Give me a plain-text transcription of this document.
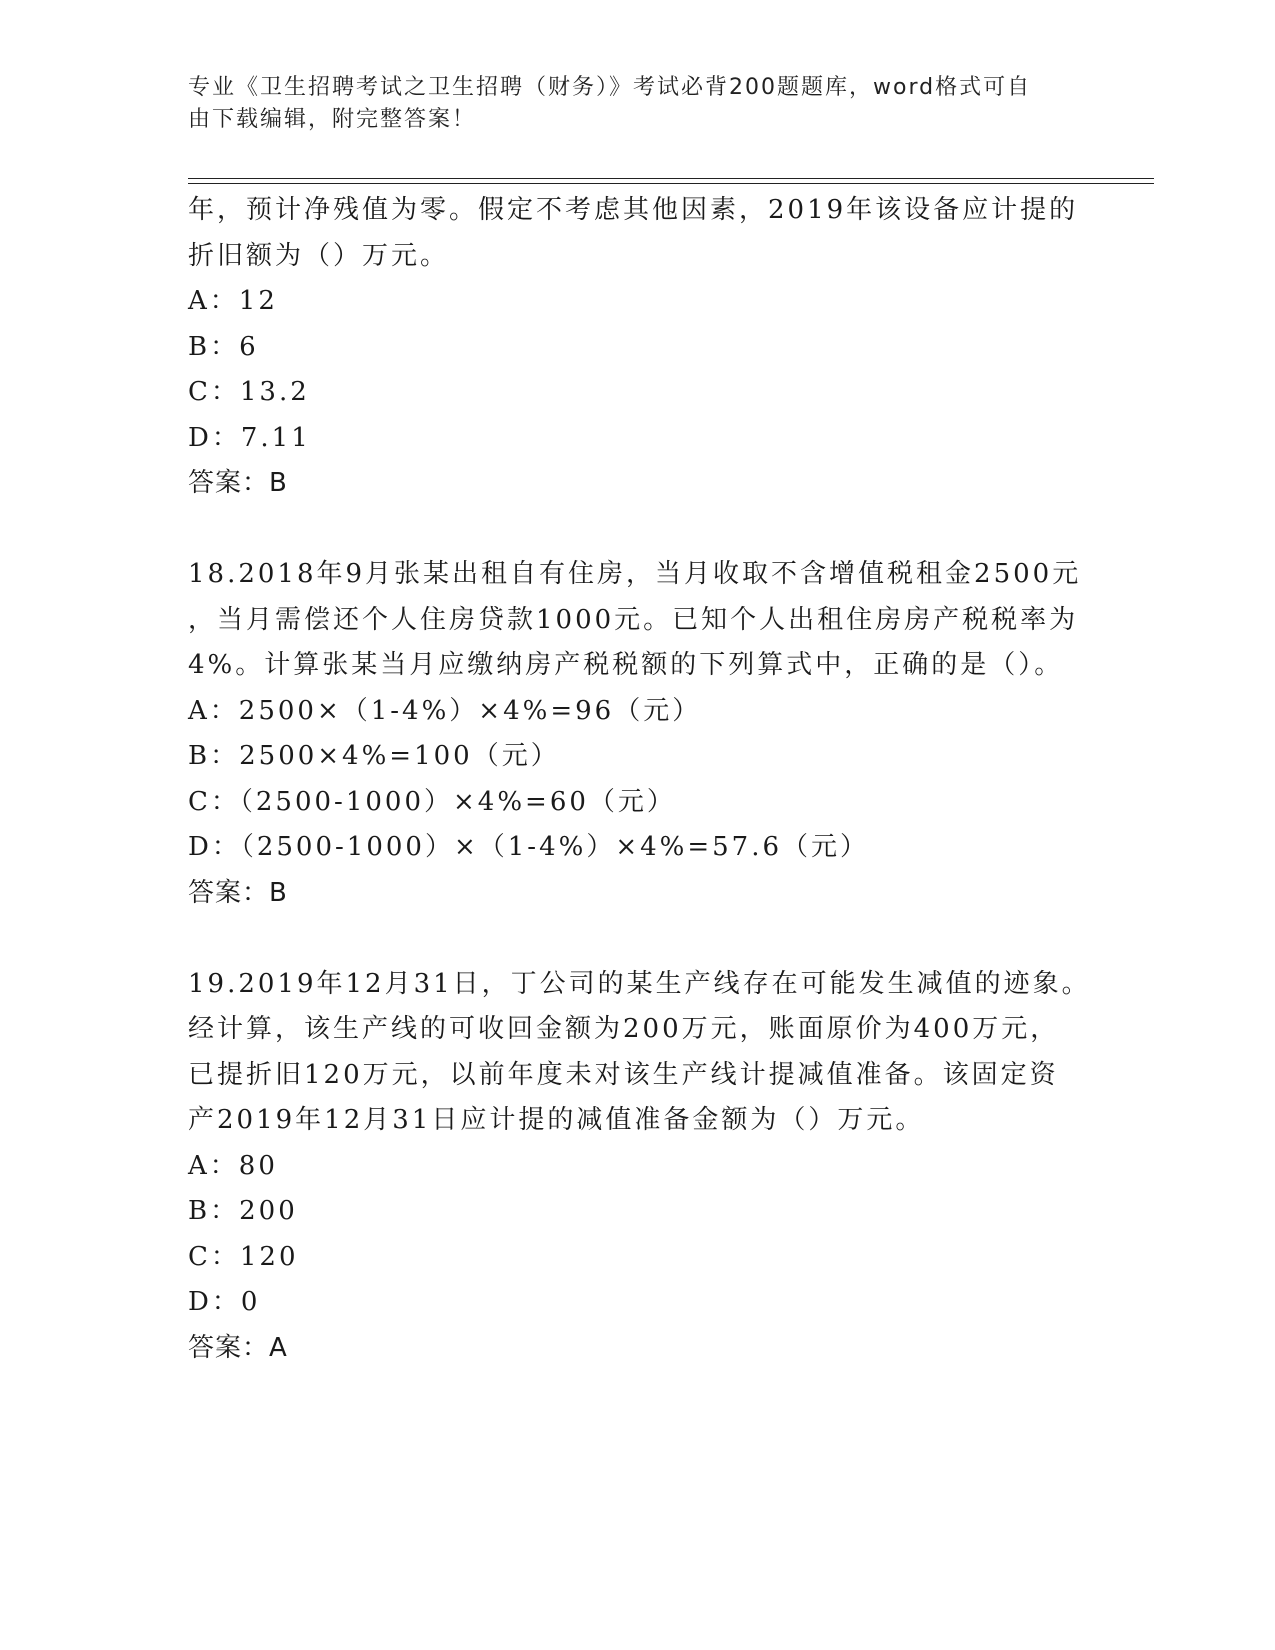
专业《卫生招聘考试之卫生招聘（财务）》考试必背200题题库，word格式可自
由下载编辑，附完整答案！
年，预计净残值为零。假定不考虑其他因素，2019年该设备应计提的
折旧额为（）万元。
A：12
B：6
C：13.2
D：7.11
答案：B
18.2018年9月张某出租自有住房，当月收取不含增值税租金2500元
，当月需偿还个人住房贷款1000元。已知个人出租住房房产税税率为
4%。计算张某当月应缴纳房产税税额的下列算式中，正确的是（）。
A：2500×（1-4%）×4%=96（元）
B：2500×4%=100（元）
C：（2500-1000）×4%=60（元）
D：（2500-1000）×（1-4%）×4%=57.6（元）
答案：B
19.2019年12月31日，丁公司的某生产线存在可能发生减值的迹象。
经计算，该生产线的可收回金额为200万元，账面原价为400万元，
已提折旧120万元，以前年度未对该生产线计提减值准备。该固定资
产2019年12月31日应计提的减值准备金额为（）万元。
A：80
B：200
C：120
D：0
答案：A
